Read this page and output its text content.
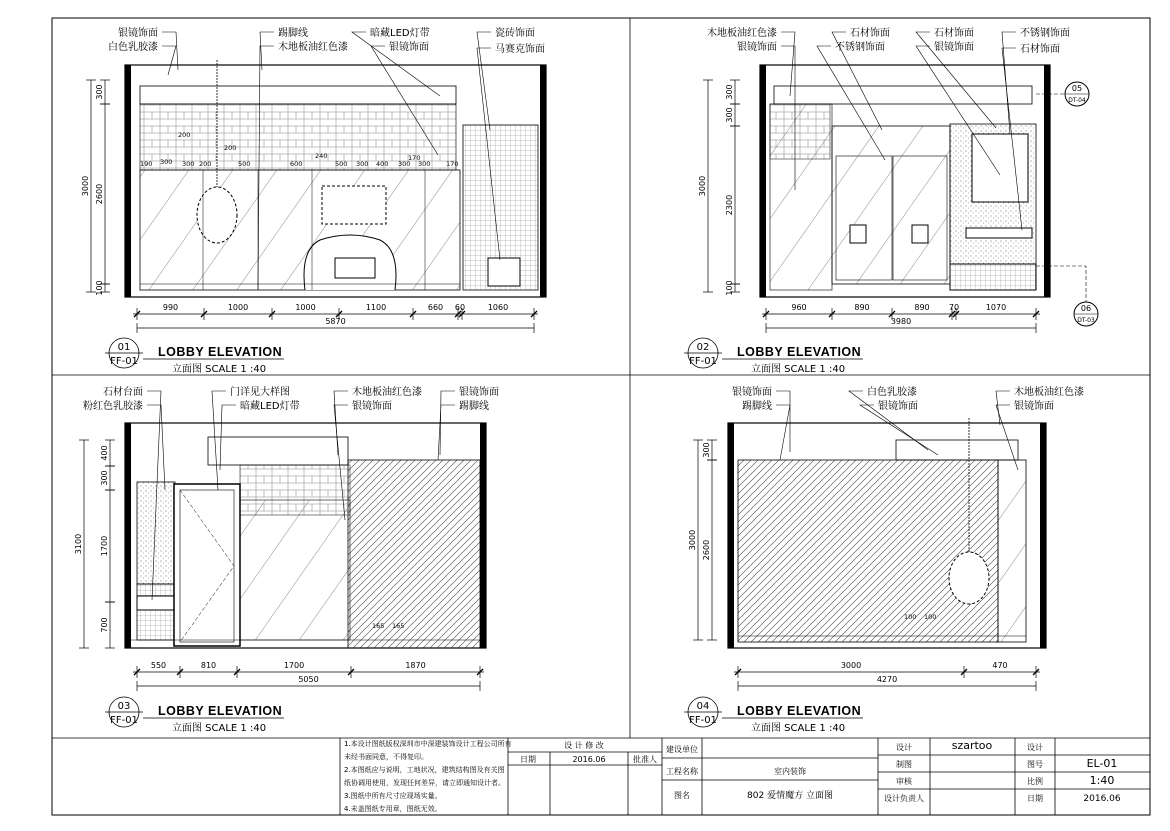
05
DT-04
06
DT-03
银镜饰面
白色乳胶漆
踢脚线
木地板油红色漆
暗藏LED灯带
银镜饰面
瓷砖饰面
马赛克饰面
木地板油红色漆
银镜饰面
石材饰面
不锈钢饰面
石材饰面
银镜饰面
不锈钢饰面
石材饰面
石材台面
粉红色乳胶漆
门详见大样图
暗藏LED灯带
木地板油红色漆
银镜饰面
银镜饰面
踢脚线
银镜饰面
踢脚线
白色乳胶漆
银镜饰面
木地板油红色漆
银镜饰面
990	1000	1000	1100	660 60	1060
5870
960	890	890 70	1070
3980
550	810	1700	1870
5050
3000	470
4270
300
2600
100
3000
300
300
2300
100
3000
400
300
1700
700
3100
300
2600
3000
190 300 300 200	500	600	500 300 400 300 300 170
200
200
240	170
165 165
100 100
01
FF-01
LOBBY ELEVATION
立面图 SCALE 1 :40
02
FF-01
LOBBY ELEVATION
立面图 SCALE 1 :40
03
FF-01
LOBBY ELEVATION
立面图 SCALE 1 :40
04
FF-01
LOBBY ELEVATION
立面图 SCALE 1 :40
1.本设计图纸版权深圳市中深建装饰设计工程公司所有
未经书面同意，不得复印。
2.本图纸应与说明，工地状况，建筑结构图及有关图
纸协调用使用，发现任何差异，请立即通知设计者。
3.图纸中所有尺寸应现场实量。
4.未盖图纸专用章，图纸无效。
设 计 修 改
日期	2016.06	批准人
建设单位
工程名称	室内装饰
图名	802 爱情魔方 立面图
设计	szartoo	设计
制图	图号	EL-01
审核	比例	1:40
设计负责人	日期	2016.06
